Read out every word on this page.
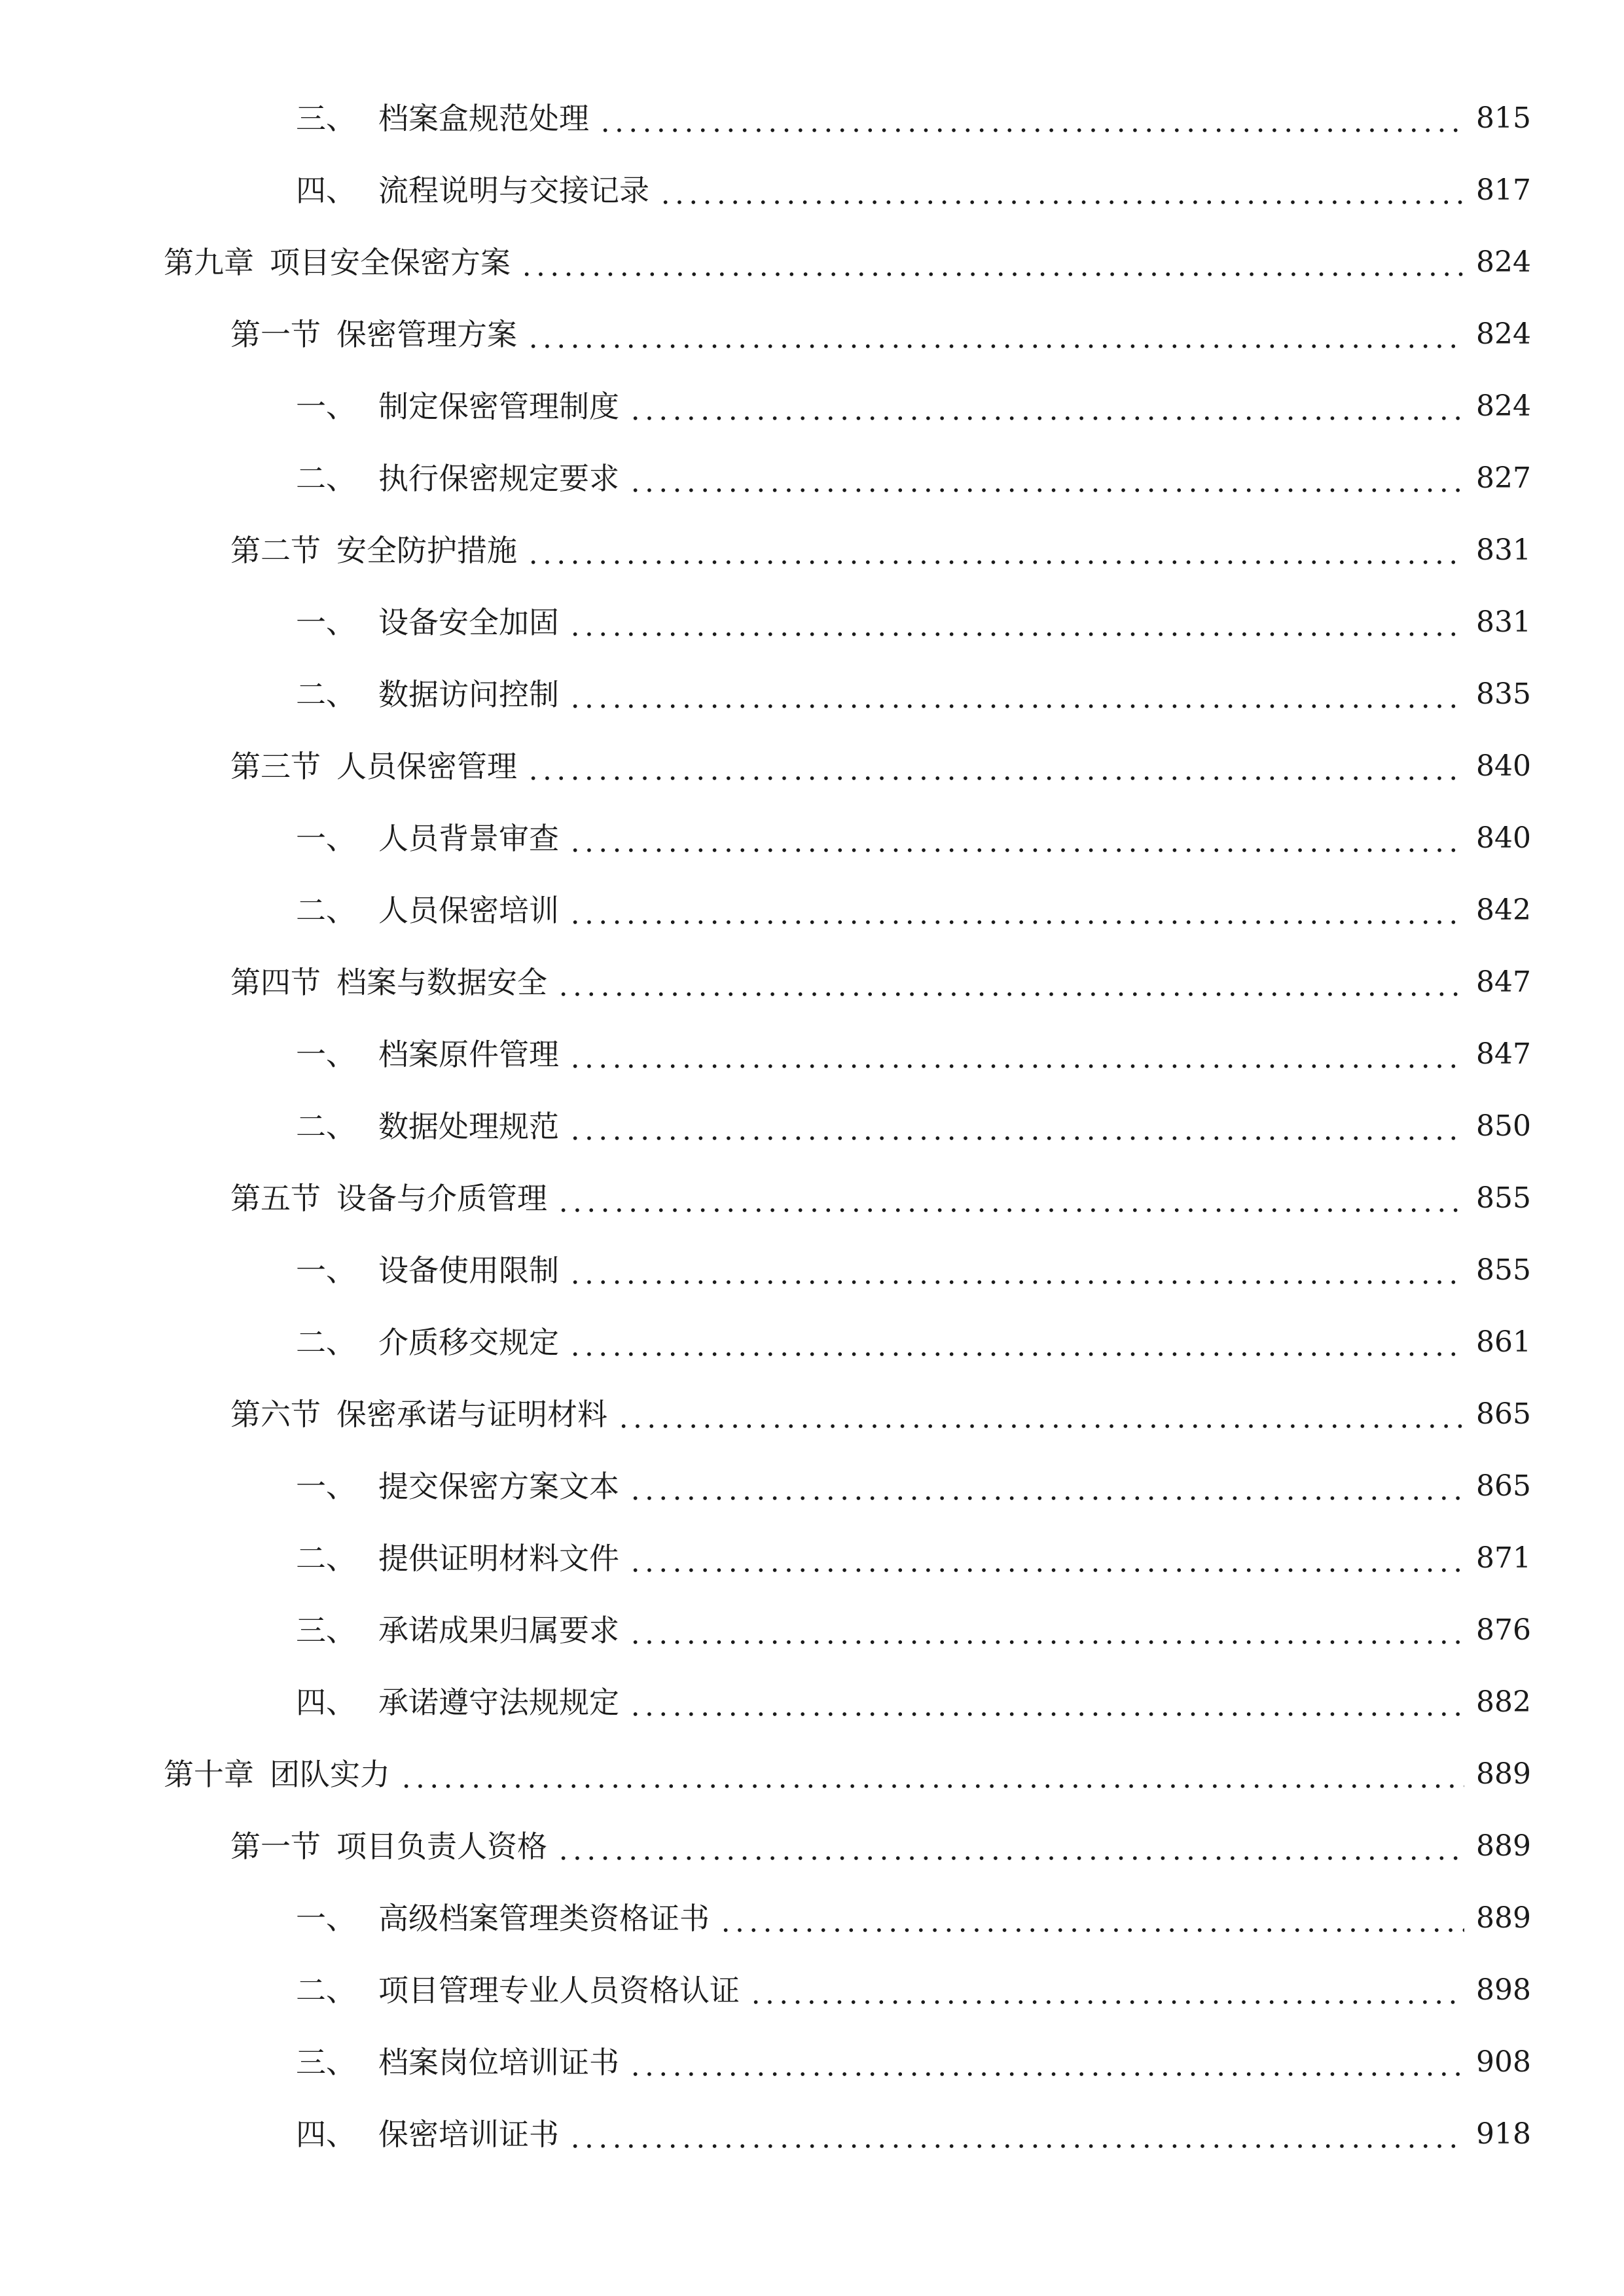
三、 档案盒规范处理	815
四、 流程说明与交接记录	817
第九章 项目安全保密方案	824
第一节 保密管理方案	824
一、 制定保密管理制度	824
二、 执行保密规定要求	827
第二节 安全防护措施	831
一、 设备安全加固	831
二、 数据访问控制	835
第三节 人员保密管理	840
一、 人员背景审查	840
二、 人员保密培训	842
第四节 档案与数据安全	847
一、 档案原件管理	847
二、 数据处理规范	850
第五节 设备与介质管理	855
一、 设备使用限制	855
二、 介质移交规定	861
第六节 保密承诺与证明材料	865
一、 提交保密方案文本	865
二、 提供证明材料文件	871
三、 承诺成果归属要求	876
四、 承诺遵守法规规定	882
第十章 团队实力	889
第一节 项目负责人资格	889
一、 高级档案管理类资格证书	889
二、 项目管理专业人员资格认证	898
三、 档案岗位培训证书	908
四、 保密培训证书	918
